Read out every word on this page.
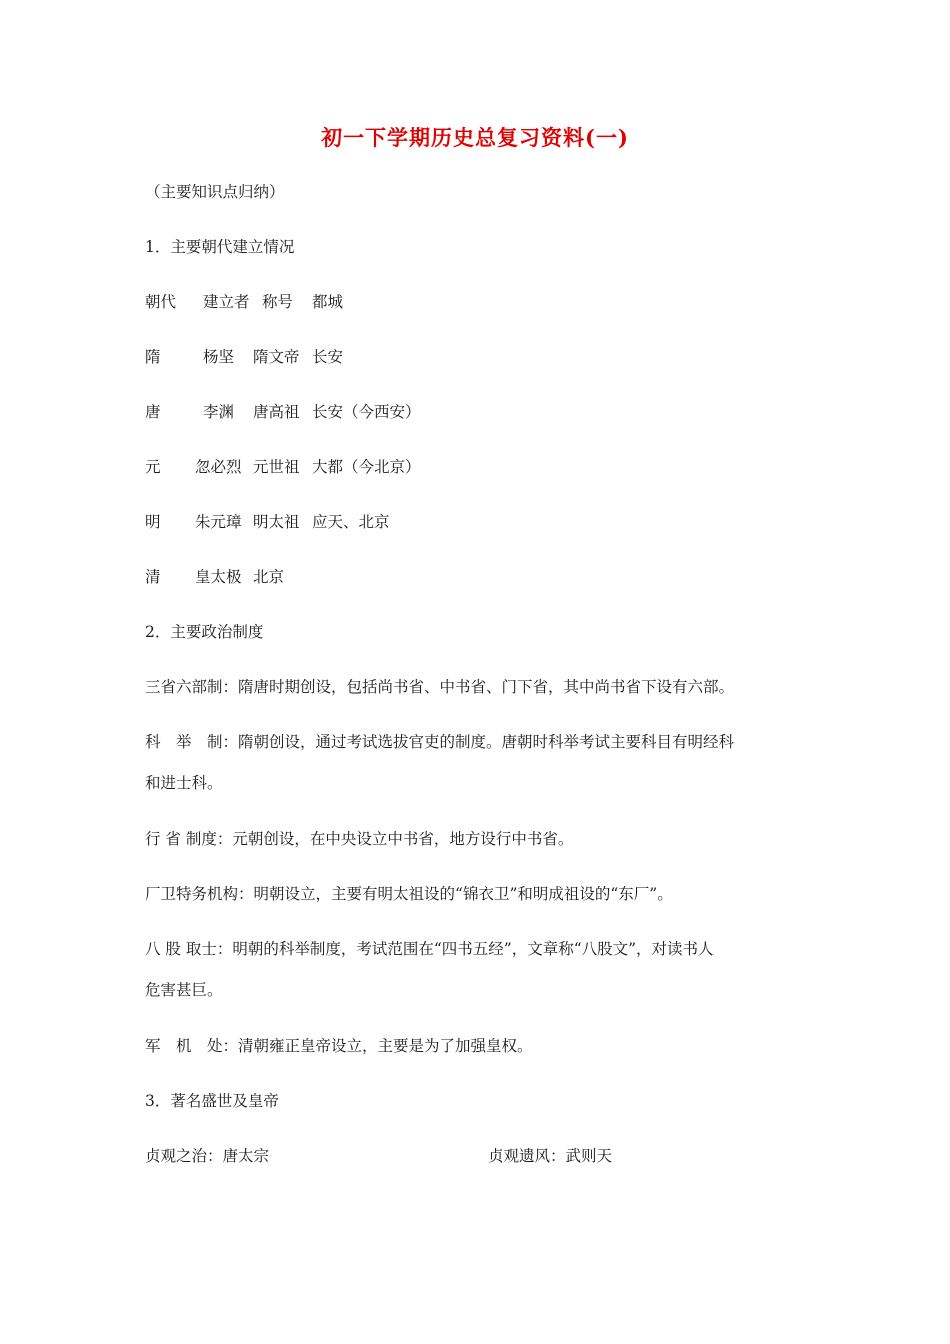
初一下学期历史总复习资料(一)
（主要知识点归纳）
1．主要朝代建立情况
朝代 建立者 称号 都城
隋	杨坚 隋文帝 长安
唐	李渊 唐高祖 长安（今西安）
元 忽必烈 元世祖 大都（今北京）
明 朱元璋 明太祖 应天、北京
清 皇太极 北京
2．主要政治制度
三省六部制：隋唐时期创设，包括尚书省、中书省、门下省，其中尚书省下设有六部。
科　举　制：隋朝创设，通过考试选拔官吏的制度。唐朝时科举考试主要科目有明经科
和进士科。
行 省 制度：元朝创设，在中央设立中书省，地方设行中书省。
厂卫特务机构：明朝设立，主要有明太祖设的“锦衣卫”和明成祖设的“东厂”。
八 股 取士：明朝的科举制度，考试范围在“四书五经”，文章称“八股文”，对读书人
危害甚巨。
军　机　处：清朝雍正皇帝设立，主要是为了加强皇权。
3．著名盛世及皇帝
贞观之治：唐太宗	贞观遗风：武则天
